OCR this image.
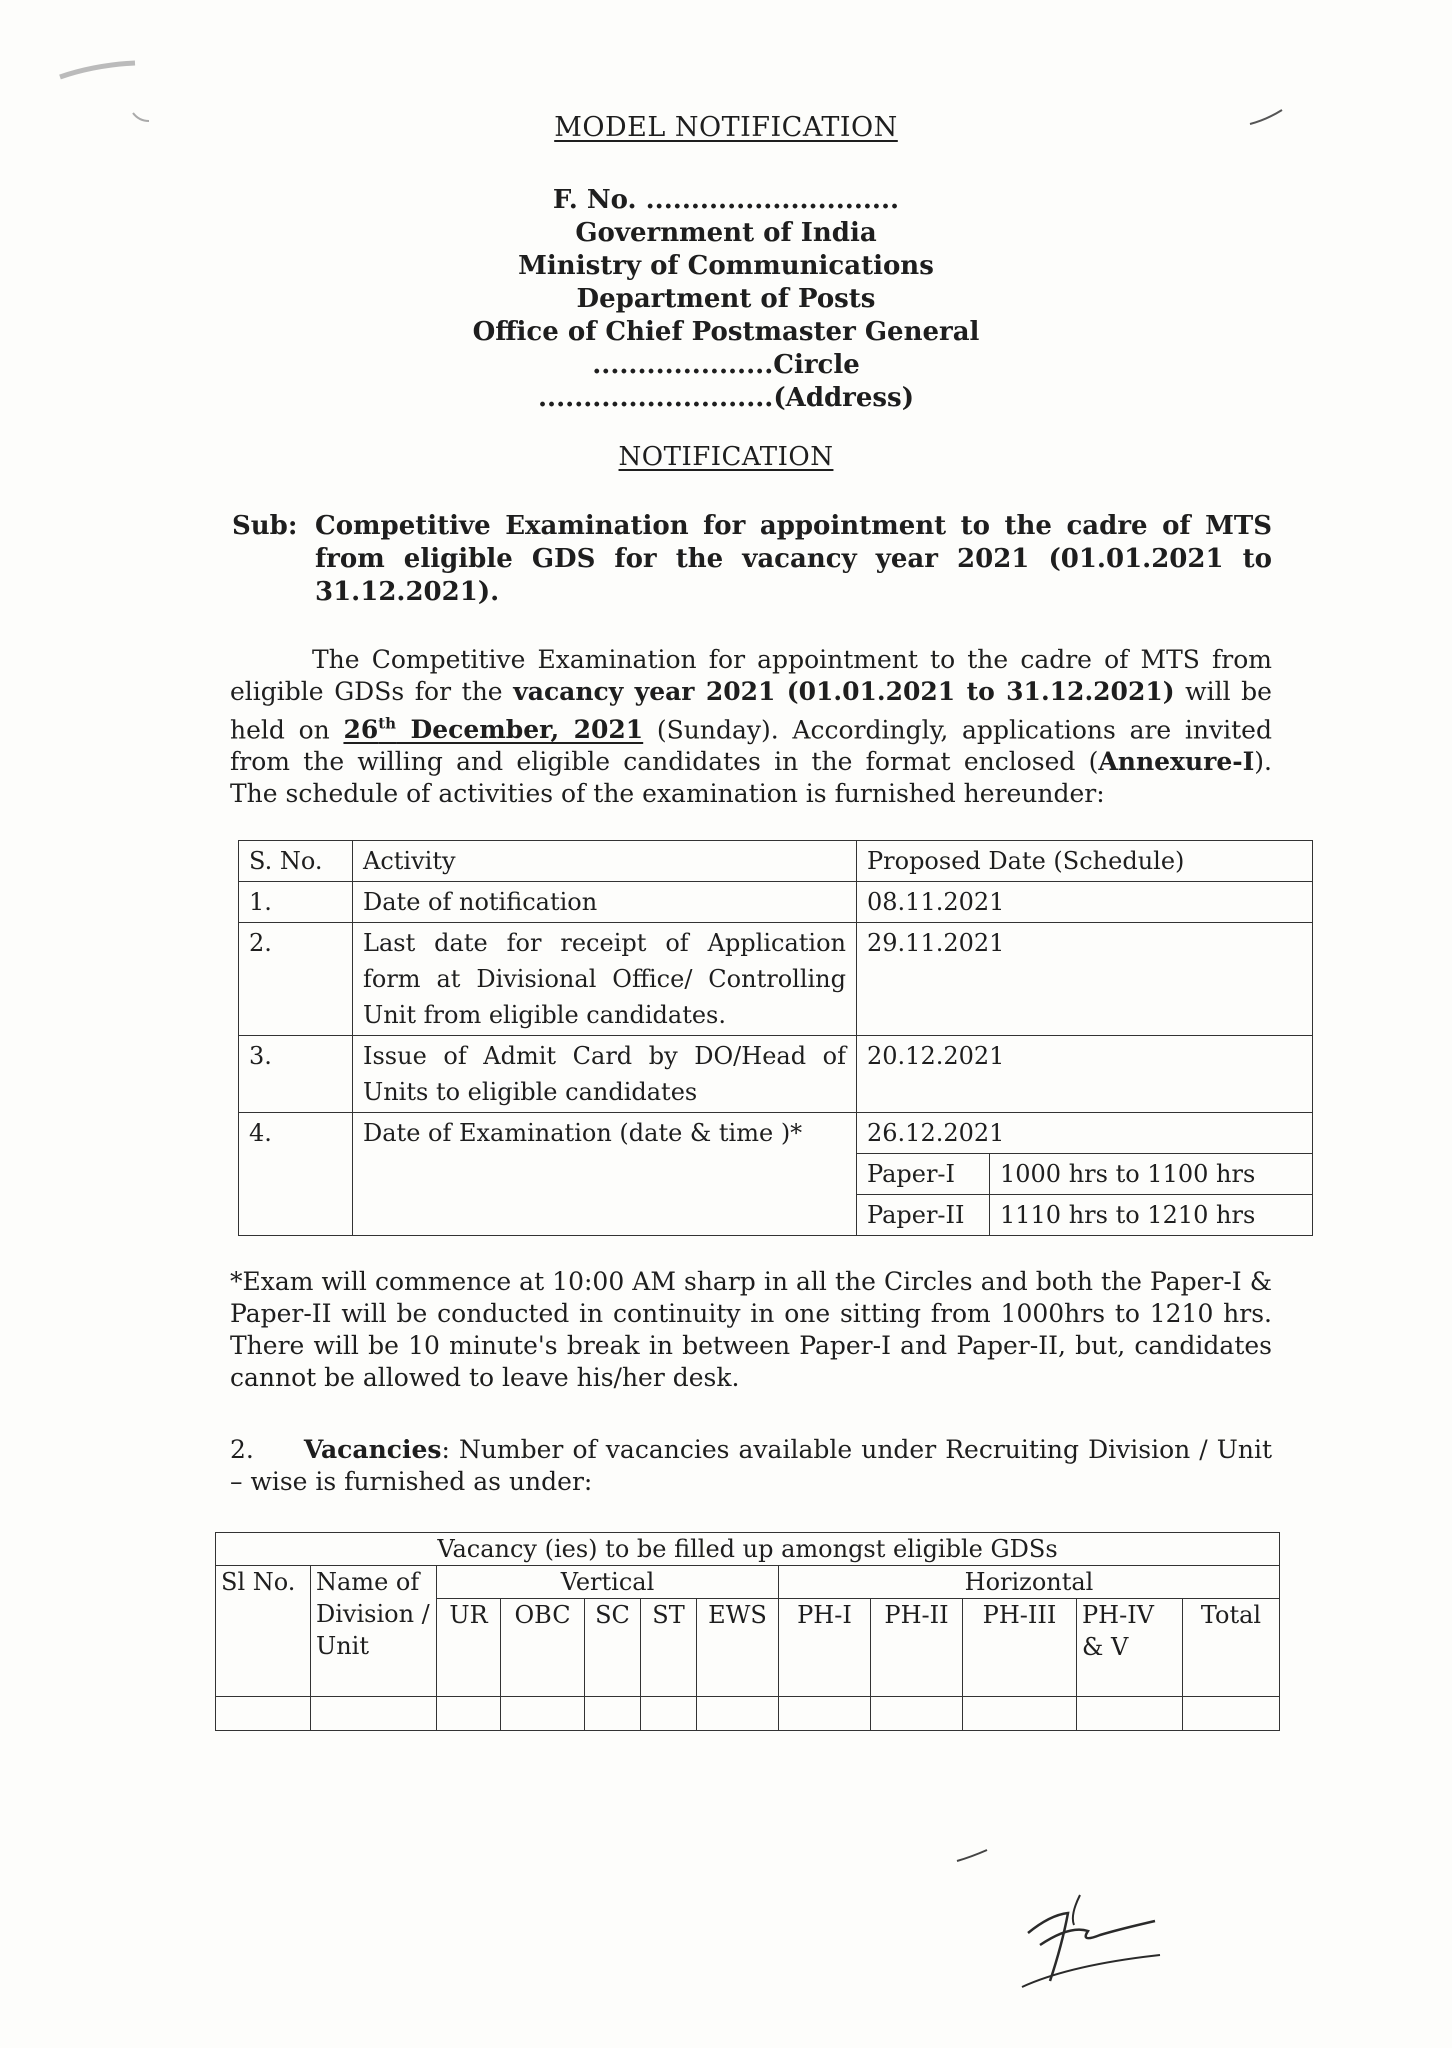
MODEL NOTIFICATION
F. No. ............................
Government of India
Ministry of Communications
Department of Posts
Office of Chief Postmaster General
....................Circle
..........................(Address)
NOTIFICATION
Sub: Competitive Examination for appointment to the cadre of MTS from eligible GDS for the vacancy year 2021 (01.01.2021 to 31.12.2021).
The Competitive Examination for appointment to the cadre of MTS from eligible GDSs for the vacancy year 2021 (01.01.2021 to 31.12.2021) will be held on 26th December, 2021 (Sunday). Accordingly, applications are invited from the willing and eligible candidates in the format enclosed (Annexure-I). The schedule of activities of the examination is furnished hereunder:
S. No.	Activity	Proposed Date (Schedule)	
1.	Date of notification	08.11.2021	
2.	Last date for receipt of Application form at Divisional Office/ Controlling Unit from eligible candidates.	29.11.2021	
3.	Issue of Admit Card by DO/Head of Units to eligible candidates	20.12.2021	
4.	Date of Examination (date & time )*	26.12.2021	
		Paper-I	1000 hrs to 1100 hrs
		Paper-II	1110 hrs to 1210 hrs
*Exam will commence at 10:00 AM sharp in all the Circles and both the Paper-I & Paper-II will be conducted in continuity in one sitting from 1000hrs to 1210 hrs. There will be 10 minute's break in between Paper-I and Paper-II, but, candidates cannot be allowed to leave his/her desk.
2. Vacancies: Number of vacancies available under Recruiting Division / Unit – wise is furnished as under:
Vacancy (ies) to be filled up amongst eligible GDSs											
Sl No.	Name of Division / Unit	Vertical					Horizontal				
		UR	OBC	SC	ST	EWS	PH-I	PH-II	PH-III	PH-IV & V	Total
